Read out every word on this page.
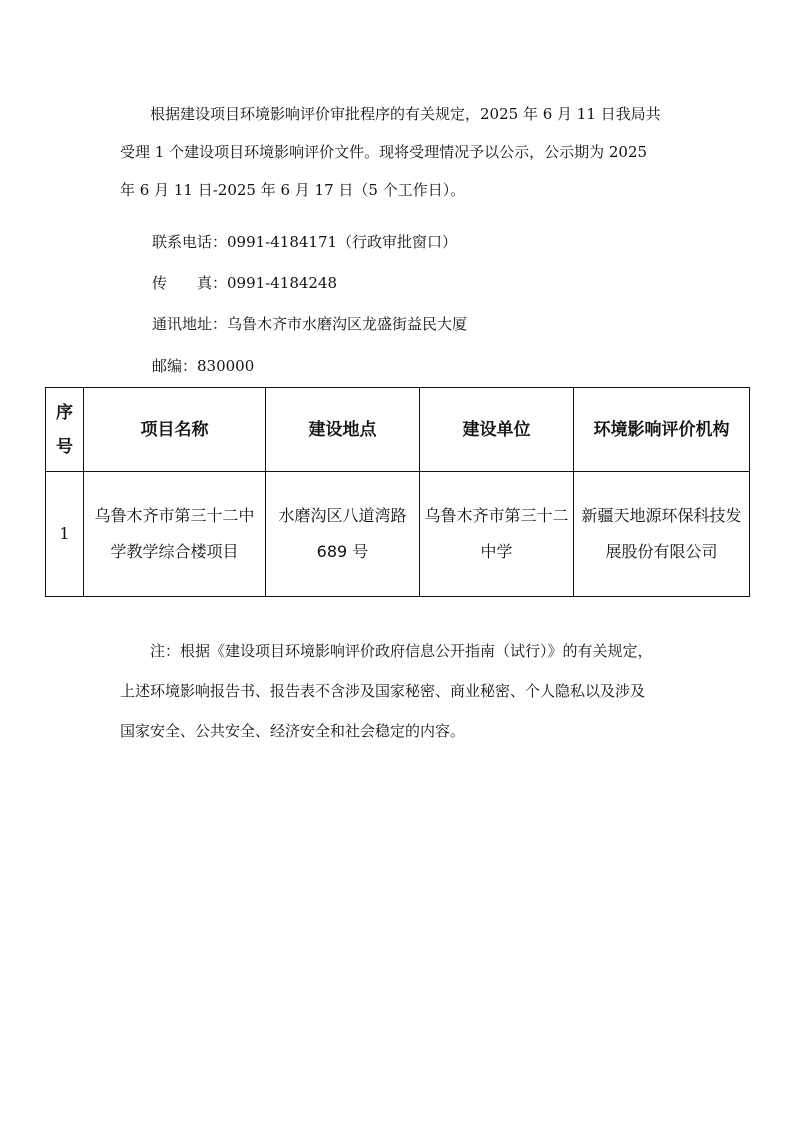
根据建设项目环境影响评价审批程序的有关规定，2025 年 6 月 11 日我局共
受理 1 个建设项目环境影响评价文件。现将受理情况予以公示，公示期为 2025
年 6 月 11 日-2025 年 6 月 17 日（5 个工作日）。
联系电话：0991-4184171（行政审批窗口）
传　　真：0991-4184248
通讯地址：乌鲁木齐市水磨沟区龙盛街益民大厦
邮编：830000
序号	项目名称	建设地点	建设单位	环境影响评价机构
1	乌鲁木齐市第三十二中学教学综合楼项目	水磨沟区八道湾路 689 号	乌鲁木齐市第三十二中学	新疆天地源环保科技发展股份有限公司
注：根据《建设项目环境影响评价政府信息公开指南（试行）》的有关规定，
上述环境影响报告书、报告表不含涉及国家秘密、商业秘密、个人隐私以及涉及
国家安全、公共安全、经济安全和社会稳定的内容。
